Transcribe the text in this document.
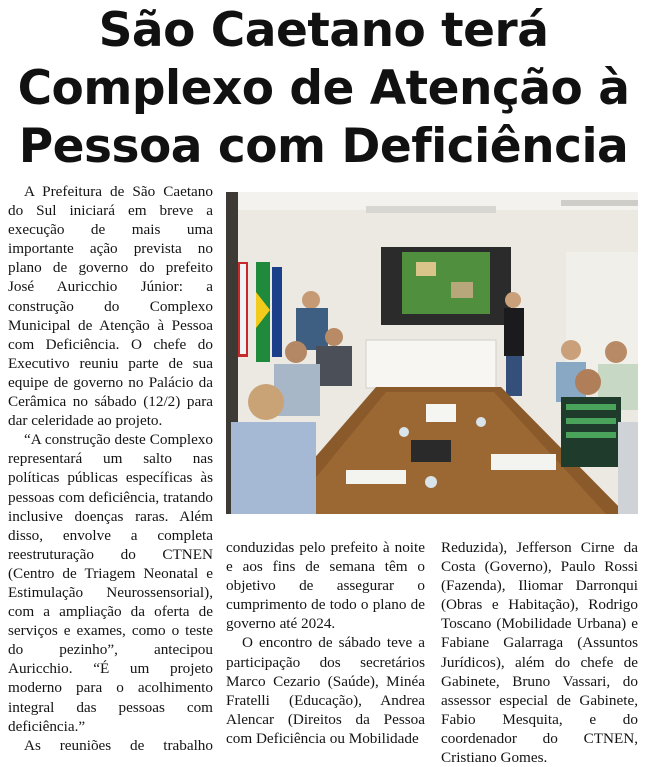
São Caetano terá
Complexo de Atenção à
Pessoa com Deficiência

A Prefeitura de São Caetano do Sul iniciará em breve a execução de mais uma importante ação prevista no plano de governo do prefeito José Auricchio Júnior: a construção do Complexo Municipal de Atenção à Pessoa com Deficiência. O chefe do Executivo reuniu parte de sua equipe de governo no Palácio da Cerâmica no sábado (12/2) para dar celeridade ao projeto.

“A construção deste Complexo representará um salto nas políticas públicas específicas às pessoas com deficiência, tratando inclusive doenças raras. Além disso, envolve a completa reestruturação do CTNEN (Centro de Triagem Neonatal e Estimulação Neurossensorial), com a ampliação da oferta de serviços e exames, como o teste do pezinho”, antecipou Auricchio. “É um projeto moderno para o acolhimento integral das pessoas com deficiência.”

As reuniões de trabalho

conduzidas pelo prefeito à noite e aos fins de semana têm o objetivo de assegurar o cumprimento de todo o plano de governo até 2024.

O encontro de sábado teve a participação dos secretários Marco Cezario (Saúde), Minéa Fratelli (Educação), Andrea Alencar (Direitos da Pessoa com Deficiência ou Mobilidade

Reduzida), Jefferson Cirne da Costa (Governo), Paulo Rossi (Fazenda), Iliomar Darronqui (Obras e Habitação), Rodrigo Toscano (Mobilidade Urbana) e Fabiane Galarraga (Assuntos Jurídicos), além do chefe de Gabinete, Bruno Vassari, do assessor especial de Gabinete, Fabio Mesquita, e do coordenador do CTNEN, Cristiano Gomes.
